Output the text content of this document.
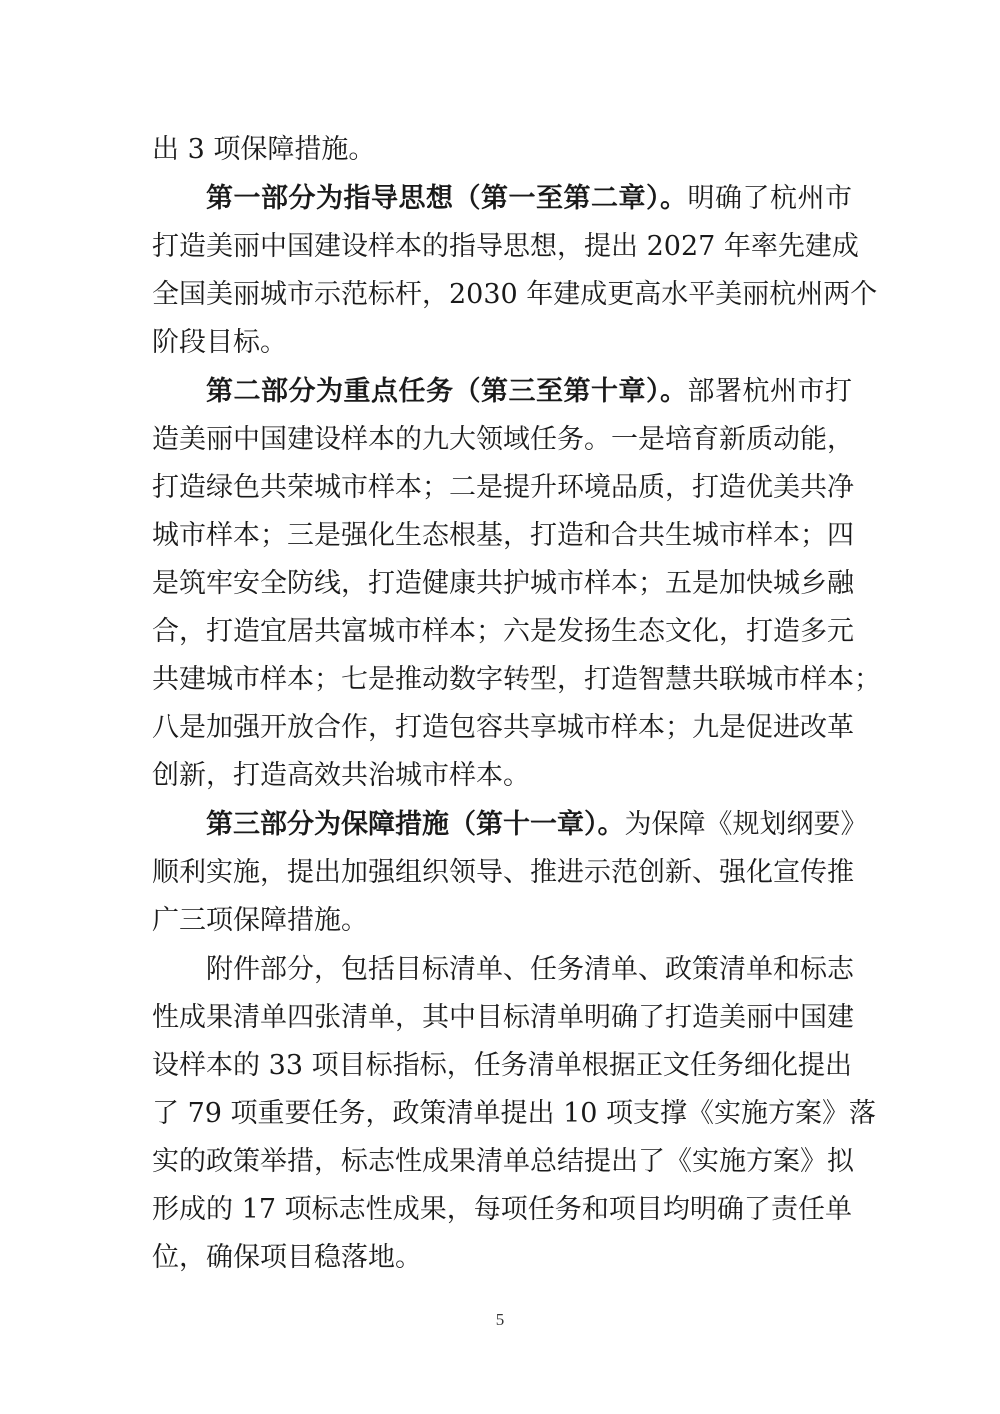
出 3 项保障措施。
第一部分为指导思想（第一至第二章）。明确了杭州市
打造美丽中国建设样本的指导思想，提出 2027 年率先建成
全国美丽城市示范标杆，2030 年建成更高水平美丽杭州两个
阶段目标。
第二部分为重点任务（第三至第十章）。部署杭州市打
造美丽中国建设样本的九大领域任务。一是培育新质动能，
打造绿色共荣城市样本；二是提升环境品质，打造优美共净
城市样本；三是强化生态根基，打造和合共生城市样本；四
是筑牢安全防线，打造健康共护城市样本；五是加快城乡融
合，打造宜居共富城市样本；六是发扬生态文化，打造多元
共建城市样本；七是推动数字转型，打造智慧共联城市样本；
八是加强开放合作，打造包容共享城市样本；九是促进改革
创新，打造高效共治城市样本。
第三部分为保障措施（第十一章）。为保障《规划纲要》
顺利实施，提出加强组织领导、推进示范创新、强化宣传推
广三项保障措施。
附件部分，包括目标清单、任务清单、政策清单和标志
性成果清单四张清单，其中目标清单明确了打造美丽中国建
设样本的 33 项目标指标，任务清单根据正文任务细化提出
了 79 项重要任务，政策清单提出 10 项支撑《实施方案》落
实的政策举措，标志性成果清单总结提出了《实施方案》拟
形成的 17 项标志性成果，每项任务和项目均明确了责任单
位，确保项目稳落地。
5
